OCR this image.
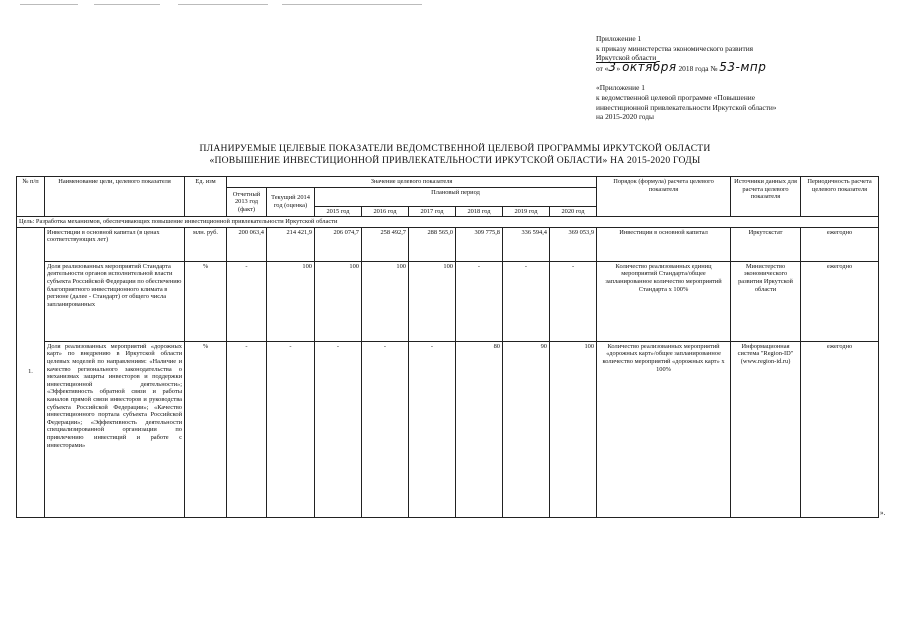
Приложение 1
к приказу министерства экономического развития
Иркутской области
от «3» октября 2018 года № 53-мпр
«Приложение 1
к ведомственной целевой программе «Повышение
инвестиционной привлекательности Иркутской области»
на 2015-2020 годы
ПЛАНИРУЕМЫЕ ЦЕЛЕВЫЕ ПОКАЗАТЕЛИ ВЕДОМСТВЕННОЙ ЦЕЛЕВОЙ ПРОГРАММЫ ИРКУТСКОЙ ОБЛАСТИ
«ПОВЫШЕНИЕ ИНВЕСТИЦИОННОЙ ПРИВЛЕКАТЕЛЬНОСТИ ИРКУТСКОЙ ОБЛАСТИ» НА 2015-2020 ГОДЫ
№ п/п	Наименование цели, целевого показателя	Ед. изм	Значение целевого показателя								Порядок (формула) расчета целевого показателя	Источники данных для расчета целевого показателя	Периодичность расчета целевого показателя
			Отчетный 2013 год (факт)	Текущий 2014 год (оценка)	Плановый период								
					2015 год	2016 год	2017 год	2018 год	2019 год	2020 год			
Цель: Разработка механизмов, обеспечивающих повышение инвестиционной привлекательности Иркутской области													
1.	Инвестиции в основной капитал (в ценах соответствующих лет)	млн. руб.	200 063,4	214 421,9	206 074,7	258 492,7	288 565,0	309 775,8	336 594,4	369 053,9	Инвестиции в основной капитал	Иркутскстат	ежегодно
	Доля реализованных мероприятий Стандарта деятельности органов исполнительной власти субъекта Российской Федерации по обеспечению благоприятного инвестиционного климата в регионе (далее - Стандарт) от общего числа запланированных	%	-	100	100	100	100	-	-	-	Количество реализованных единиц мероприятий Стандарта/общее запланированное количество мероприятий Стандарта x 100%	Министерство экономического развития Иркутской области	ежегодно
	Доля реализованных мероприятий «дорожных карт» по внедрению в Иркутской области целевых моделей по направлениям: «Наличие и качество регионального законодательства о механизмах защиты инвесторов и поддержки инвестиционной деятельности»; «Эффективность обратной связи и работы каналов прямой связи инвесторов и руководства субъекта Российской Федерации»; «Качество инвестиционного портала субъекта Российской Федерации»; «Эффективность деятельности специализированной организации по привлечению инвестиций и работе с инвесторами»	%	-	-	-	-	-	80	90	100	Количество реализованных мероприятий «дорожных карт»/общее запланированное количество мероприятий «дорожных карт» x 100%	Информационная система "Region-ID" (www.region-id.ru)	ежегодно
».
